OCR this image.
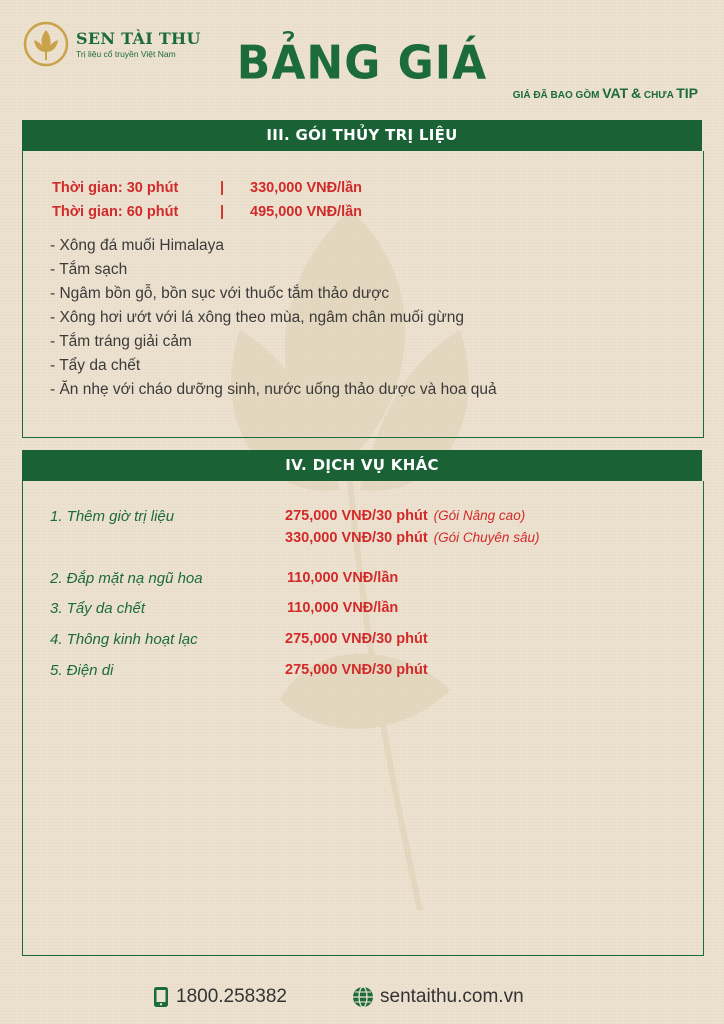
SEN TÀI THU
Trị liệu cổ truyền Việt Nam	BẢNG GIÁ
GIÁ ĐÃ BAO GỒM VAT & CHƯA TIP
III. GÓI THỦY TRỊ LIỆU
Thời gian: 30 phút	| 330,000 VNĐ/lần
Thời gian: 60 phút	| 495,000 VNĐ/lần
- Xông đá muối Himalaya
- Tắm sạch
- Ngâm bồn gỗ, bồn sục với thuốc tắm thảo dược
- Xông hơi ướt với lá xông theo mùa, ngâm chân muối gừng
- Tắm tráng giải cảm
- Tẩy da chết
- Ăn nhẹ với cháo dưỡng sinh, nước uống thảo dược và hoa quả
IV. DỊCH VỤ KHÁC
1. Thêm giờ trị liệu	275,000 VNĐ/30 phút (Gói Nâng cao)
330,000 VNĐ/30 phút (Gói Chuyên sâu)
2. Đắp mặt nạ ngũ hoa	110,000 VNĐ/lần
3. Tẩy da chết	110,000 VNĐ/lần
4. Thông kinh hoạt lạc	275,000 VNĐ/30 phút
5. Điện di	275,000 VNĐ/30 phút
1800.258382	sentaithu.com.vn
